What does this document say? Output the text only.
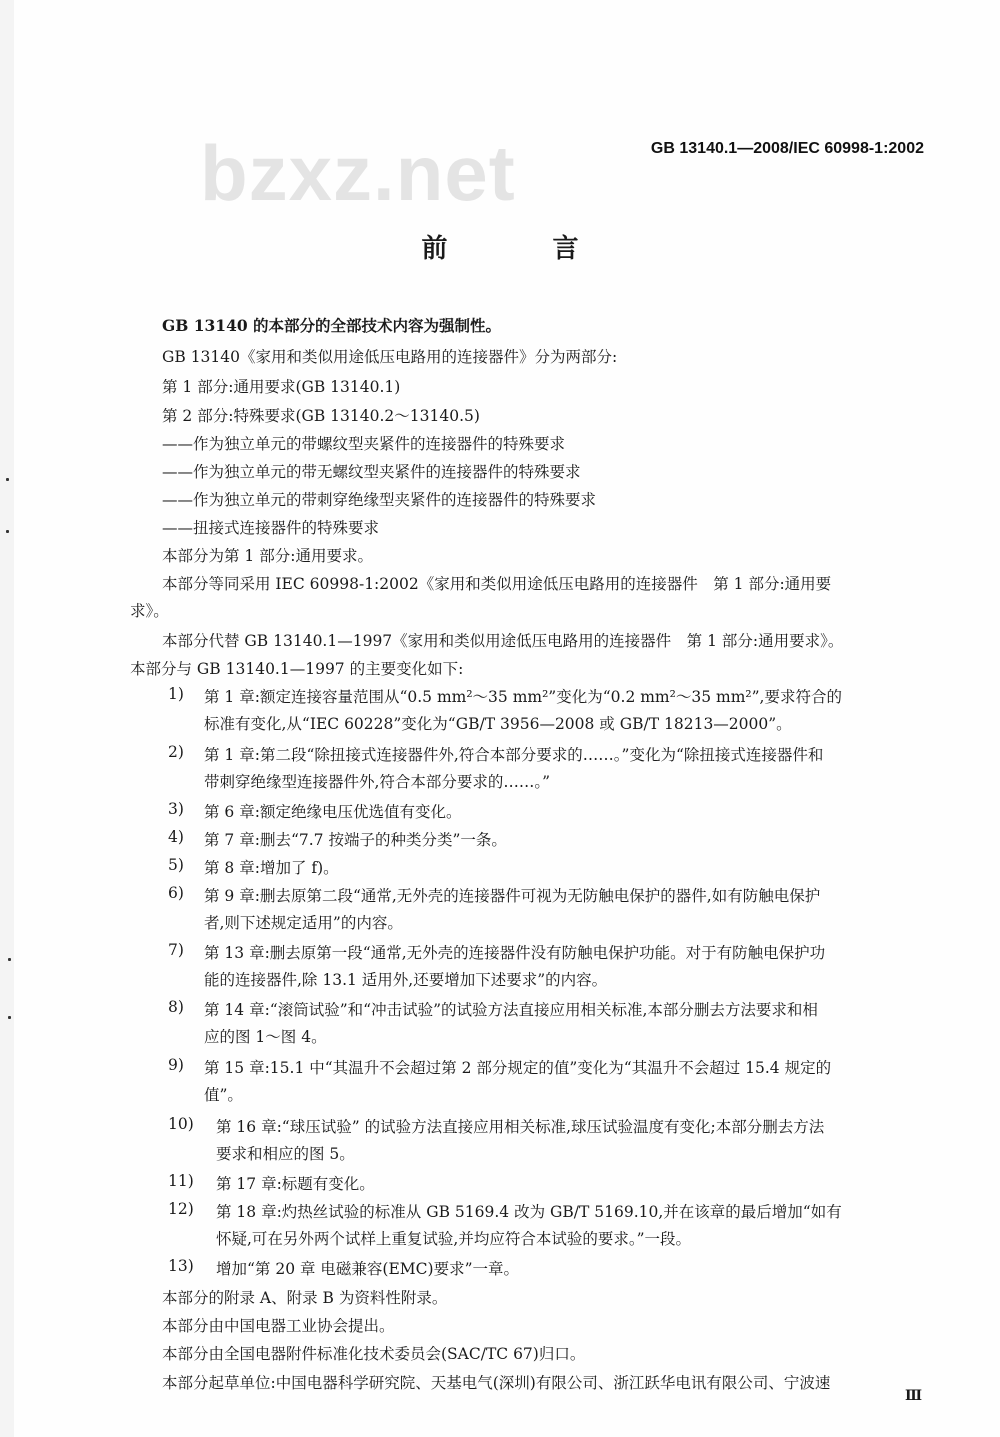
bzxz.net	GB 13140.1—2008/IEC 60998-1:2002
前 言
GB 13140 的本部分的全部技术内容为强制性。
GB 13140《家用和类似用途低压电路用的连接器件》分为两部分:
第 1 部分:通用要求(GB 13140.1)
第 2 部分:特殊要求(GB 13140.2～13140.5)
——作为独立单元的带螺纹型夹紧件的连接器件的特殊要求
——作为独立单元的带无螺纹型夹紧件的连接器件的特殊要求
——作为独立单元的带刺穿绝缘型夹紧件的连接器件的特殊要求
——扭接式连接器件的特殊要求
本部分为第 1 部分:通用要求。
本部分等同采用 IEC 60998-1:2002《家用和类似用途低压电路用的连接器件　第 1 部分:通用要
求》。
本部分代替 GB 13140.1—1997《家用和类似用途低压电路用的连接器件　第 1 部分:通用要求》。
本部分与 GB 13140.1—1997 的主要变化如下:
1) 第 1 章:额定连接容量范围从“0.5 mm²～35 mm²”变化为“0.2 mm²～35 mm²”,要求符合的
标准有变化,从“IEC 60228”变化为“GB/T 3956—2008 或 GB/T 18213—2000”。
2) 第 1 章:第二段“除扭接式连接器件外,符合本部分要求的……。”变化为“除扭接式连接器件和
带刺穿绝缘型连接器件外,符合本部分要求的……。”
3) 第 6 章:额定绝缘电压优选值有变化。
4) 第 7 章:删去“7.7 按端子的种类分类”一条。
5) 第 8 章:增加了 f)。
6) 第 9 章:删去原第二段“通常,无外壳的连接器件可视为无防触电保护的器件,如有防触电保护
者,则下述规定适用”的内容。
7) 第 13 章:删去原第一段“通常,无外壳的连接器件没有防触电保护功能。对于有防触电保护功
能的连接器件,除 13.1 适用外,还要增加下述要求”的内容。
8) 第 14 章:“滚筒试验”和“冲击试验”的试验方法直接应用相关标准,本部分删去方法要求和相
应的图 1～图 4。
9) 第 15 章:15.1 中“其温升不会超过第 2 部分规定的值”变化为“其温升不会超过 15.4 规定的
值”。
10) 第 16 章:“球压试验” 的试验方法直接应用相关标准,球压试验温度有变化;本部分删去方法
要求和相应的图 5。
11) 第 17 章:标题有变化。
12) 第 18 章:灼热丝试验的标准从 GB 5169.4 改为 GB/T 5169.10,并在该章的最后增加“如有
怀疑,可在另外两个试样上重复试验,并均应符合本试验的要求。”一段。
13) 增加“第 20 章 电磁兼容(EMC)要求”一章。
本部分的附录 A、附录 B 为资料性附录。
本部分由中国电器工业协会提出。
本部分由全国电器附件标准化技术委员会(SAC/TC 67)归口。
本部分起草单位:中国电器科学研究院、天基电气(深圳)有限公司、浙江跃华电讯有限公司、宁波速
Ⅲ
